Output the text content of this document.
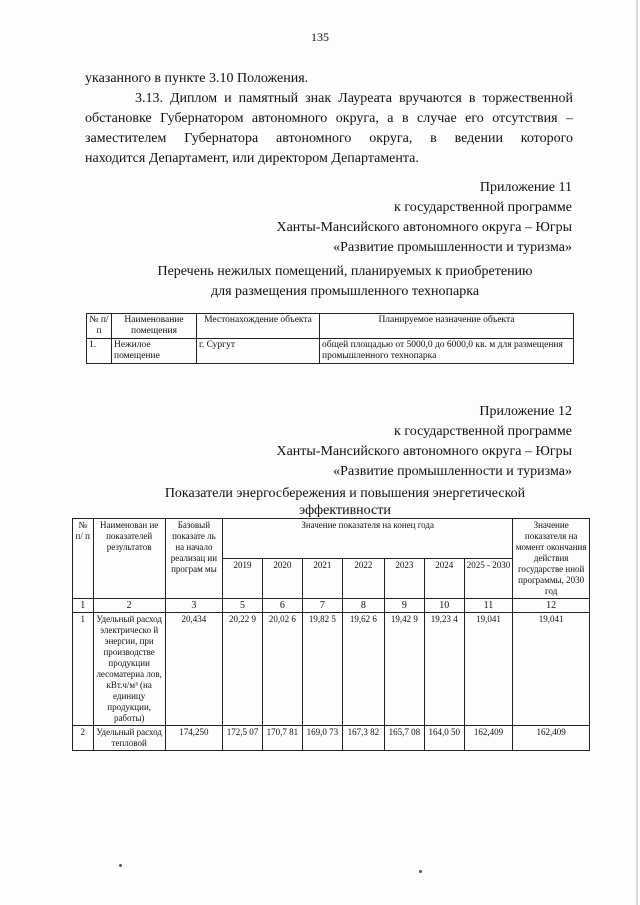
135

указанного в пункте 3.10 Положения.

3.13. Диплом и памятный знак Лауреата вручаются в торжественной

обстановке Губернатором автономного округа, а в случае его отсутствия –

заместителем Губернатора автономного округа, в ведении которого

находится Департамент, или директором Департамента.

Приложение 11
к государственной программе
Ханты-Мансийского автономного округа – Югры
«Развитие промышленности и туризма»
Перечень нежилых помещений, планируемых к приобретению
для размещения промышленного технопарка
№ п/п	Наименование помещения	Местонахождение объекта	Планируемое назначение объекта
1.	Нежилое помещение	г. Сургут	общей площадью от 5000,0 до 6000,0 кв. м для размещения промышленного технопарка
Приложение 12
к государственной программе
Ханты-Мансийского автономного округа – Югры
«Развитие промышленности и туризма»
Показатели энергосбережения и повышения энергетической
эффективности
№ п/ п	Наименован ие показателей результатов	Базовый показате ль на начало реализац ии програм мы	Значение показателя на конец года							Значение показателя на момент окончания действия государстве нной программы, 2030 год
			2019	2020	2021	2022	2023	2024	2025 - 2030	
1	2	3	5	6	7	8	9	10	11	12
1	Удельный расход электрическо й энергии, при производстве продукции лесоматериа лов, кВт.ч/м³ (на единицу продукции, работы)	20,434	20,22 9	20,02 6	19,82 5	19,62 6	19,42 9	19,23 4	19,041	19,041
2	Удельный расход тепловой	174,250	172,5 07	170,7 81	169,0 73	167,3 82	165,7 08	164,0 50	162,409	162,409
